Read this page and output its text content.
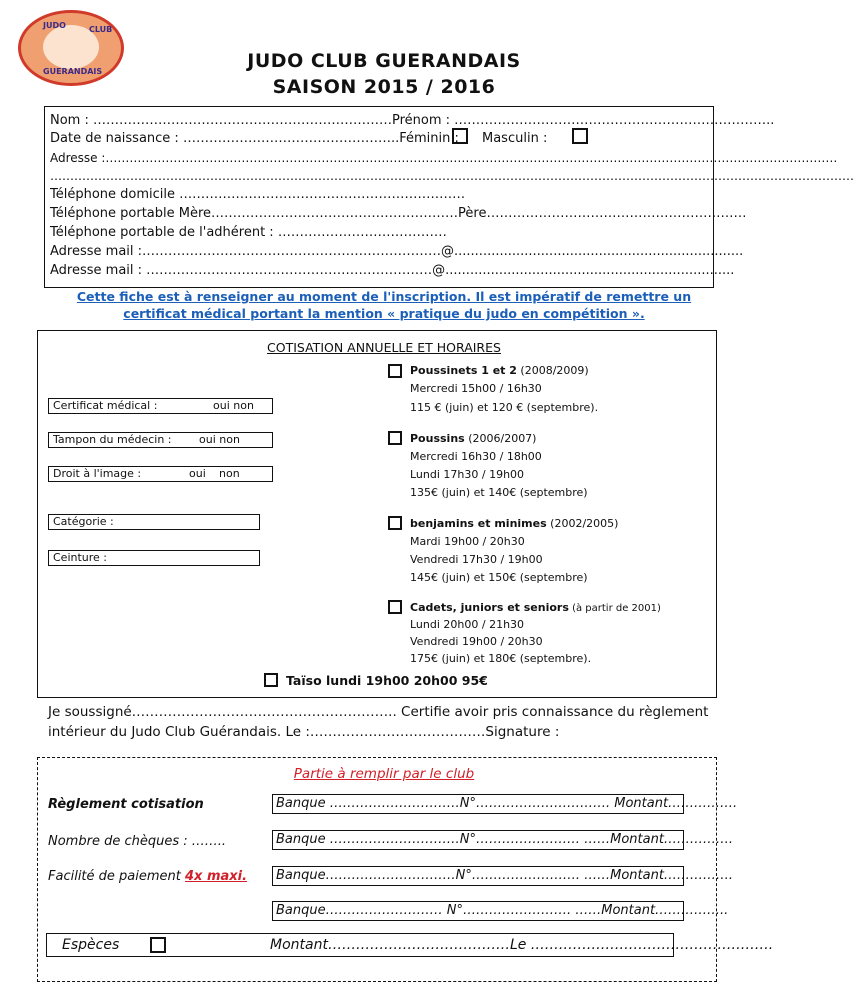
JUDO	CLUB
GUERANDAIS	JUDO CLUB GUERANDAIS
SAISON 2015 / 2016
Nom : ……………………………………………………………Prénom : ………………………………………………………………..
Date de naissance : …………………………………………..Féminin : Masculin :
Adresse :…………………………………………………………………………………………………………………………………………………………………
…………………………………………………………………………………………………………………………………………………………………………………
Téléphone domicile …………………………………………………………
Téléphone portable Mère…………………………………………………Père……………………………………………………
Téléphone portable de l'adhérent : …………………………………
Adresse mail :……………………………………………………………@......................................................................
Adresse mail : …………………………………………………………@......................................................................
Cette fiche est à renseigner au moment de l'inscription. Il est impératif de remettre un
certificat médical portant la mention « pratique du judo en compétition ».
COTISATION ANNUELLE ET HORAIRES
Certificat médical :	oui non
Tampon du médecin :	oui non
Droit à l'image :	oui non
Catégorie :
Ceinture :
Poussinets 1 et 2 (2008/2009)
Mercredi 15h00 / 16h30
115 € (juin) et 120 € (septembre).
Poussins (2006/2007)
Mercredi 16h30 / 18h00
Lundi 17h30 / 19h00
135€ (juin) et 140€ (septembre)
benjamins et minimes (2002/2005)
Mardi 19h00 / 20h30
Vendredi 17h30 / 19h00
145€ (juin) et 150€ (septembre)
Cadets, juniors et seniors (à partir de 2001)
Lundi 20h00 / 21h30
Vendredi 19h00 / 20h30
175€ (juin) et 180€ (septembre).
Taïso lundi 19h00 20h00 95€
Je soussigné………………………………………………….. Certifie avoir pris connaissance du règlement
intérieur du Judo Club Guérandais. Le :…………………………………Signature :
Partie à remplir par le club
Règlement cotisation
Nombre de chèques : ……..
Facilité de paiement 4x maxi.
Banque …………………………N°…………………………. Montant…………….
Banque …………………………N°…………………… ……Montant…………….
Banque…………………………N°……………………. ……Montant…………….
Banque……………………… N°……………………. ……Montant……………..
Espèces	Montant…………………………………Le …………………………………………….
